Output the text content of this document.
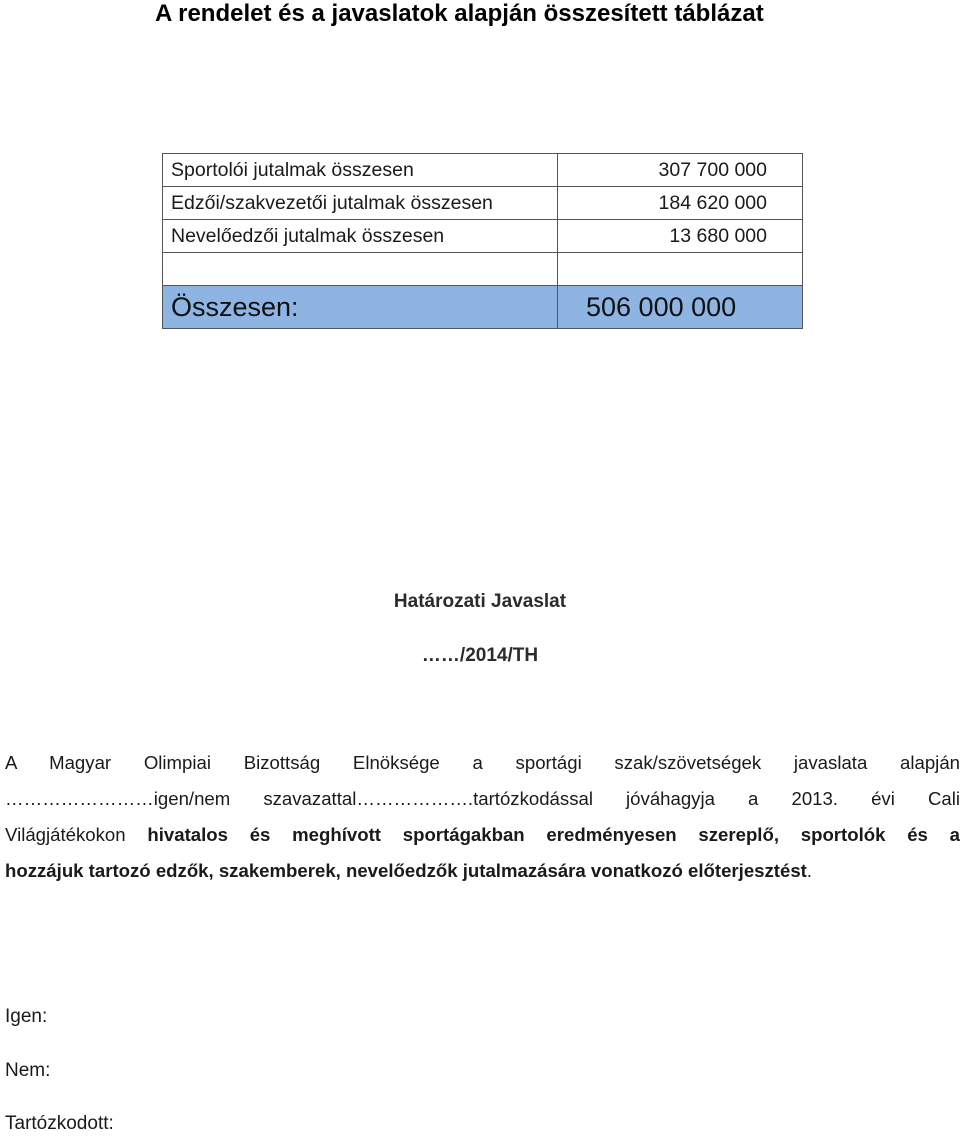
A rendelet és a javaslatok alapján összesített táblázat
Sportolói jutalmak összesen	307 700 000
Edzői/szakvezetői jutalmak összesen	184 620 000
Nevelőedzői jutalmak összesen	13 680 000

Összesen:	506 000 000
Határozati Javaslat
……/2014/TH
A Magyar Olimpiai Bizottság Elnöksége a sportági szak/szövetségek javaslata alapján
……………………igen/nem szavazattal……………….tartózkodással jóváhagyja a 2013. évi Cali
Világjátékokon hivatalos és meghívott sportágakban eredményesen szereplő, sportolók és a
hozzájuk tartozó edzők, szakemberek, nevelőedzők jutalmazására vonatkozó előterjesztést.
Igen:
Nem:
Tartózkodott:
